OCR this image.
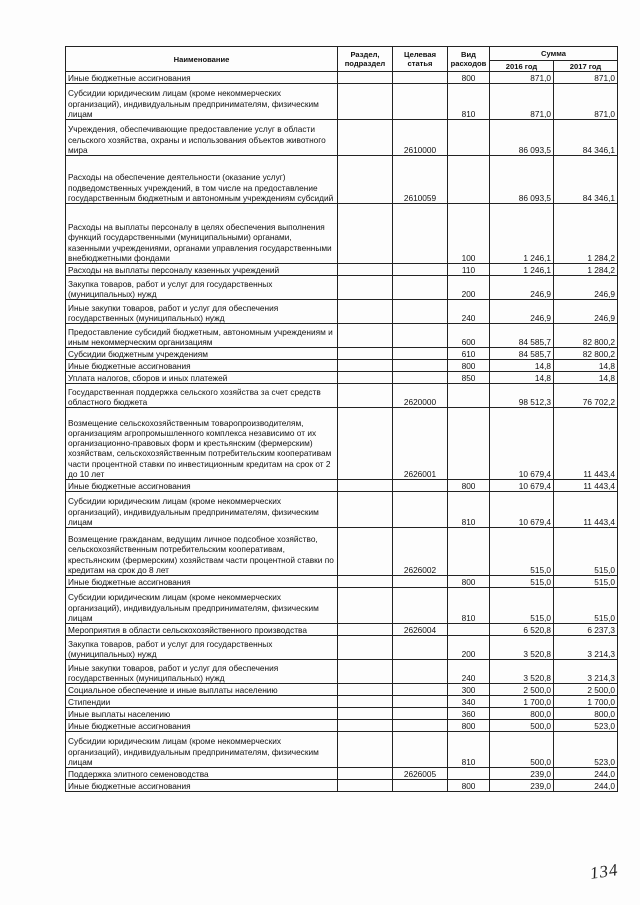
Наименование	Раздел, подраздел	Целевая статья	Вид расходов	Сумма	
				2016 год	2017 год
Иные бюджетные ассигнования			800	871,0	871,0
Субсидии юридическим лицам (кроме некоммерческих организаций), индивидуальным предпринимателям, физическим лицам			810	871,0	871,0
Учреждения, обеспечивающие предоставление услуг в области сельского хозяйства, охраны и использования объектов животного мира		2610000		86 093,5	84 346,1
Расходы на обеспечение деятельности (оказание услуг) подведомственных учреждений, в том числе на предоставление государственным бюджетным и автономным учреждениям субсидий		2610059		86 093,5	84 346,1
Расходы на выплаты персоналу в целях обеспечения выполнения функций государственными (муниципальными) органами, казенными учреждениями, органами управления государственными внебюджетными фондами			100	1 246,1	1 284,2
Расходы на выплаты персоналу казенных учреждений			110	1 246,1	1 284,2
Закупка товаров, работ и услуг для государственных (муниципальных) нужд			200	246,9	246,9
Иные закупки товаров, работ и услуг для обеспечения государственных (муниципальных) нужд			240	246,9	246,9
Предоставление субсидий бюджетным, автономным учреждениям и иным некоммерческим организациям			600	84 585,7	82 800,2
Субсидии бюджетным учреждениям			610	84 585,7	82 800,2
Иные бюджетные ассигнования			800	14,8	14,8
Уплата налогов, сборов и иных платежей			850	14,8	14,8
Государственная поддержка сельского хозяйства за счет средств областного бюджета		2620000		98 512,3	76 702,2
Возмещение сельскохозяйственным товаропроизводителям, организациям агропромышленного комплекса независимо от их организационно-правовых форм и крестьянским (фермерским) хозяйствам, сельскохозяйственным потребительским кооперативам части процентной ставки по инвестиционным кредитам на срок от 2 до 10 лет		2626001		10 679,4	11 443,4
Иные бюджетные ассигнования			800	10 679,4	11 443,4
Субсидии юридическим лицам (кроме некоммерческих организаций), индивидуальным предпринимателям, физическим лицам			810	10 679,4	11 443,4
Возмещение гражданам, ведущим личное подсобное хозяйство, сельскохозяйственным потребительским кооперативам, крестьянским (фермерским) хозяйствам части процентной ставки по кредитам на срок до 8 лет		2626002		515,0	515,0
Иные бюджетные ассигнования			800	515,0	515,0
Субсидии юридическим лицам (кроме некоммерческих организаций), индивидуальным предпринимателям, физическим лицам			810	515,0	515,0
Мероприятия в области сельскохозяйственного производства		2626004		6 520,8	6 237,3
Закупка товаров, работ и услуг для государственных (муниципальных) нужд			200	3 520,8	3 214,3
Иные закупки товаров, работ и услуг для обеспечения государственных (муниципальных) нужд			240	3 520,8	3 214,3
Социальное обеспечение и иные выплаты населению			300	2 500,0	2 500,0
Стипендии			340	1 700,0	1 700,0
Иные выплаты населению			360	800,0	800,0
Иные бюджетные ассигнования			800	500,0	523,0
Субсидии юридическим лицам (кроме некоммерческих организаций), индивидуальным предпринимателям, физическим лицам			810	500,0	523,0
Поддержка элитного семеноводства		2626005		239,0	244,0
Иные бюджетные ассигнования			800	239,0	244,0
134
